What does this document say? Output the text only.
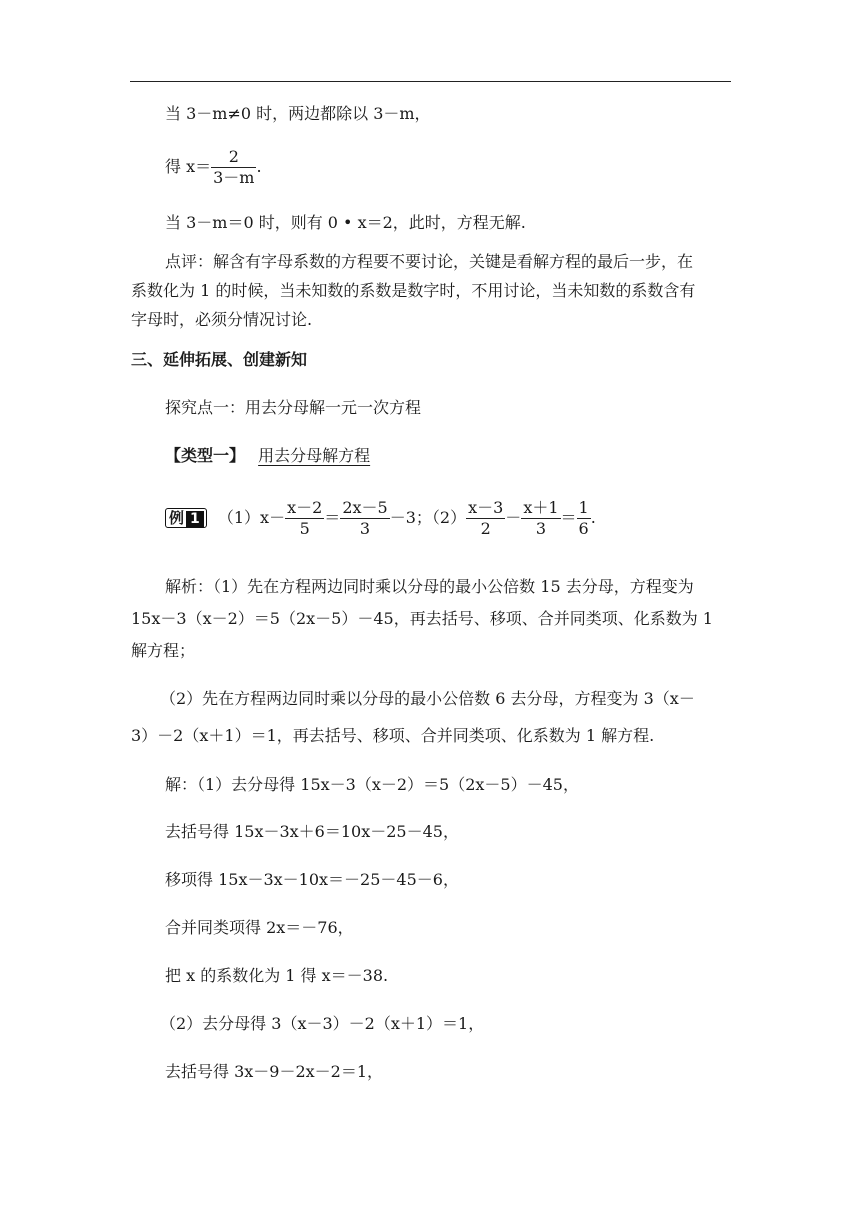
当 3－m≠0 时，两边都除以 3－m，
得 $x= \frac{2}{3-m}$ .
当 3－m＝0 时，则有 0 • x＝2，此时，方程无解.
点评：解含有字母系数的方程要不要讨论，关键是看解方程的最后一步，在
系数化为 1 的时候，当未知数的系数是数字时，不用讨论，当未知数的系数含有
字母时，必须分情况讨论.
三、延伸拓展、创建新知
探究点一：用去分母解一元一次方程
【类型一】 用去分母解方程
例 1 $(1)x- \frac{x-2}{5} = \frac{2x-5}{3} -3$；$(2) \frac{x-3}{2} - \frac{x+1}{3} = \frac{1}{6}$ .
解析：（1）先在方程两边同时乘以分母的最小公倍数 15 去分母，方程变为
15x－3（x－2）＝5（2x－5）－45，再去括号、移项、合并同类项、化系数为 1
解方程；
（2）先在方程两边同时乘以分母的最小公倍数 6 去分母，方程变为 3（x－
3）－2（x＋1）＝1，再去括号、移项、合并同类项、化系数为 1 解方程.
解：（1）去分母得 15x－3（x－2）＝5（2x－5）－45，
去括号得 15x－3x＋6＝10x－25－45，
移项得 15x－3x－10x＝－25－45－6，
合并同类项得 2x＝－76，
把 x 的系数化为 1 得 x＝－38.
（2）去分母得 3（x－3）－2（x＋1）＝1，
去括号得 3x－9－2x－2＝1，
